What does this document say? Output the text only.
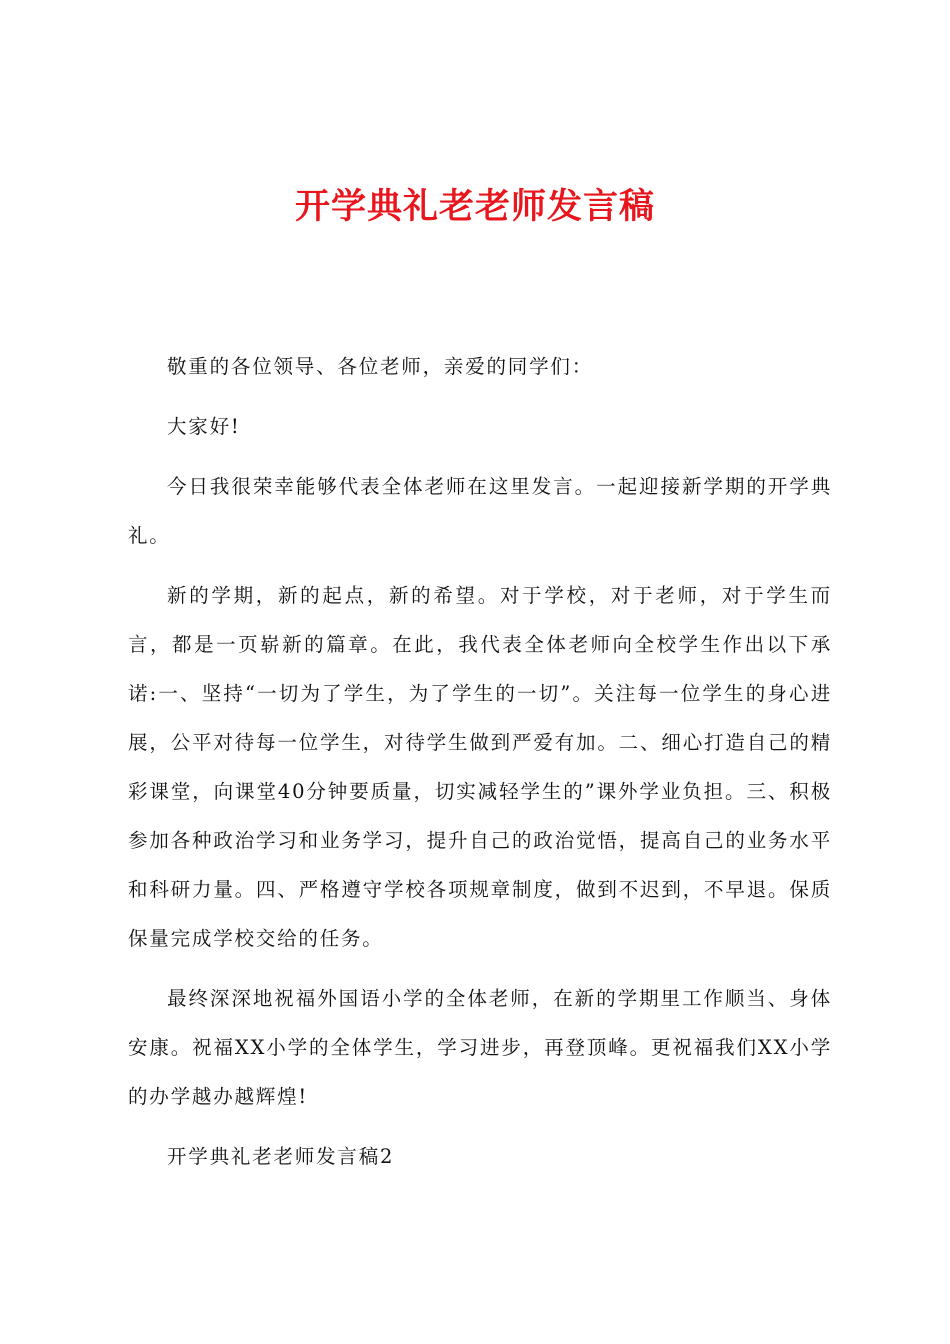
开学典礼老老师发言稿

敬重的各位领导、各位老师，亲爱的同学们：

大家好!

今日我很荣幸能够代表全体老师在这里发言。一起迎接新学期的开学典礼。

新的学期，新的起点，新的希望。对于学校，对于老师，对于学生而言，都是一页崭新的篇章。在此，我代表全体老师向全校学生作出以下承诺:一、坚持“一切为了学生，为了学生的一切”。关注每一位学生的身心进展，公平对待每一位学生，对待学生做到严爱有加。二、细心打造自己的精彩课堂，向课堂40分钟要质量，切实减轻学生的”课外学业负担。三、积极参加各种政治学习和业务学习，提升自己的政治觉悟，提高自己的业务水平和科研力量。四、严格遵守学校各项规章制度，做到不迟到，不早退。保质保量完成学校交给的任务。

最终深深地祝福外国语小学的全体老师，在新的学期里工作顺当、身体安康。祝福XX小学的全体学生，学习进步，再登顶峰。更祝福我们XX小学的办学越办越辉煌!

开学典礼老老师发言稿2
